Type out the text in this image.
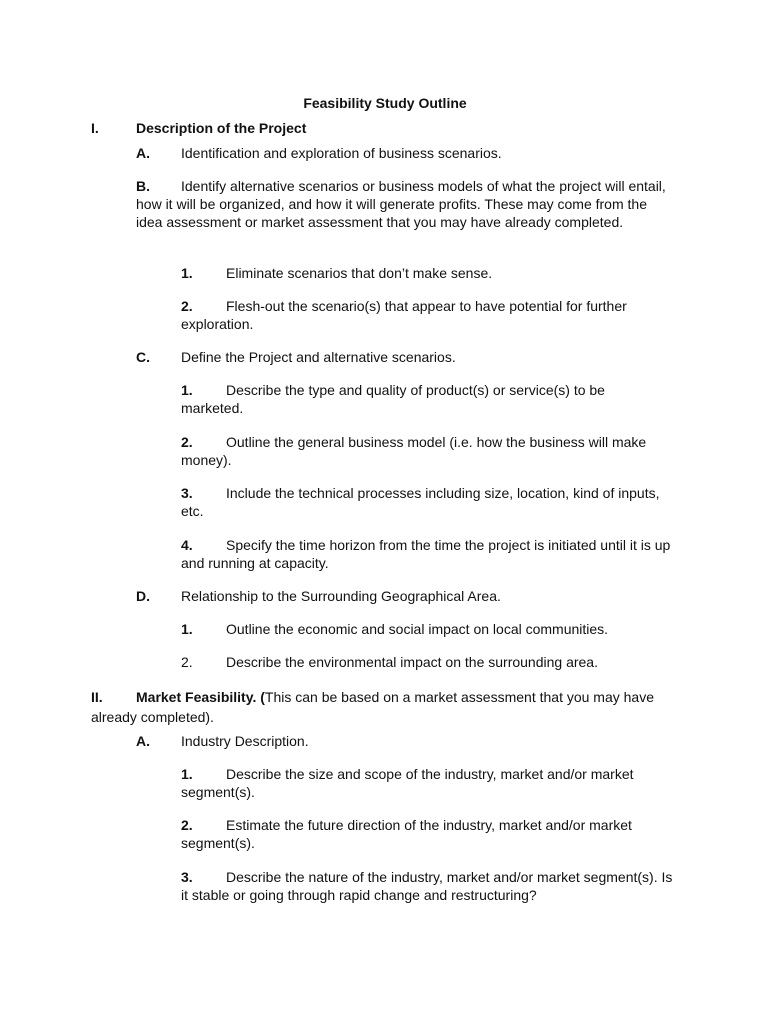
Feasibility Study Outline
I.	Description of the Project
A. Identification and exploration of business scenarios.
B. Identify alternative scenarios or business models of what the project will entail, how it will be organized, and how it will generate profits. These may come from the idea assessment or market assessment that you may have already completed.
1. Eliminate scenarios that don’t make sense.
2. Flesh-out the scenario(s) that appear to have potential for further exploration.
C. Define the Project and alternative scenarios.
1. Describe the type and quality of product(s) or service(s) to be marketed.
2. Outline the general business model (i.e. how the business will make money).
3. Include the technical processes including size, location, kind of inputs, etc.
4. Specify the time horizon from the time the project is initiated until it is up and running at capacity.
D. Relationship to the Surrounding Geographical Area.
1. Outline the economic and social impact on local communities.
2. Describe the environmental impact on the surrounding area.
II. Market Feasibility. (This can be based on a market assessment that you may have already completed).
A. Industry Description.
1. Describe the size and scope of the industry, market and/or market segment(s).
2. Estimate the future direction of the industry, market and/or market segment(s).
3. Describe the nature of the industry, market and/or market segment(s). Is it stable or going through rapid change and restructuring?
